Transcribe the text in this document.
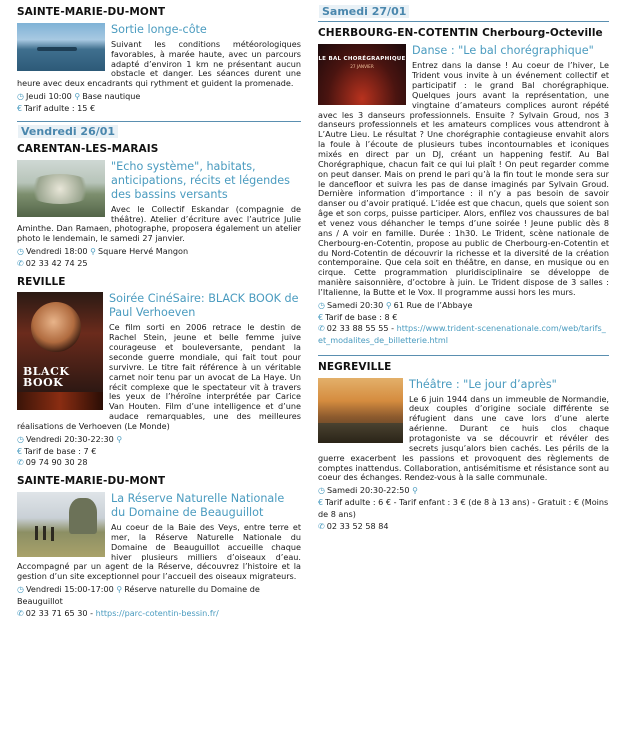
SAINTE-MARIE-DU-MONT
Sortie longe-côte
Suivant les conditions météorologiques favorables, à marée haute, avec un parcours adapté d’environ 1 km ne présentant aucun obstacle et danger. Les séances durent une heure avec deux encadrants qui rythment et guident la promenade.
◷ Jeudi 10:00 ⚲ Base nautique
€ Tarif adulte : 15 €
Vendredi 26/01
CARENTAN-LES-MARAIS
"Echo système", habitats, anticipations, récits et légendes des bassins versants
Avec le Collectif Eskandar (compagnie de théâtre). Atelier d’écriture avec l’autrice Julie Aminthe. Dan Ramaen, photographe, proposera également un atelier photo le lendemain, le samedi 27 janvier.
◷ Vendredi 18:00 ⚲ Square Hervé Mangon
✆ 02 33 42 74 25
REVILLE
BLACK BOOK
Soirée CinéSaire: BLACK BOOK de Paul Verhoeven
Ce film sorti en 2006 retrace le destin de Rachel Stein, jeune et belle femme juive courageuse et bouleversante, pendant la seconde guerre mondiale, qui fait tout pour survivre. Le titre fait référence à un véritable carnet noir tenu par un avocat de La Haye. Un récit complexe que le spectateur vit à travers les yeux de l’héroïne interprétée par Carice Van Houten. Film d’une intelligence et d’une audace remarquables, une des meilleures réalisations de Verhoeven (Le Monde)
◷ Vendredi 20:30-22:30 ⚲
€ Tarif de base : 7 €
✆ 09 74 90 30 28
SAINTE-MARIE-DU-MONT
La Réserve Naturelle Nationale du Domaine de Beauguillot
Au coeur de la Baie des Veys, entre terre et mer, la Réserve Naturelle Nationale du Domaine de Beauguillot accueille chaque hiver plusieurs milliers d’oiseaux d’eau. Accompagné par un agent de la Réserve, découvrez l’histoire et la gestion d’un site exceptionnel pour l’accueil des oiseaux migrateurs.
◷ Vendredi 15:00-17:00 ⚲ Réserve naturelle du Domaine de Beauguillot
✆ 02 33 71 65 30 - https://parc-cotentin-bessin.fr/
Samedi 27/01
CHERBOURG-EN-COTENTIN Cherbourg-Octeville
LE BAL CHORÉGRAPHIQUE
27 JANVIER
Danse : "Le bal chorégraphique"
Entrez dans la danse ! Au coeur de l’hiver, Le Trident vous invite à un événement collectif et participatif : le grand Bal chorégraphique. Quelques jours avant la représentation, une vingtaine d’amateurs complices auront répété avec les 3 danseurs professionnels. Ensuite ? Sylvain Groud, nos 3 danseurs professionnels et les amateurs complices vous attendront à L’Autre Lieu. Le résultat ? Une chorégraphie contagieuse envahit alors la foule à l’écoute de plusieurs tubes incontournables et iconiques mixés en direct par un DJ, créant un happening festif. Au Bal Chorégraphique, chacun fait ce qui lui plaît ! On peut regarder comme on peut danser. Mais on prend le pari qu’à la fin tout le monde sera sur le dancefloor et suivra les pas de danse imaginés par Sylvain Groud. Dernière information d’importance : il n’y a pas besoin de savoir danser ou d’avoir pratiqué. L’idée est que chacun, quels que soient son âge et son corps, puisse participer. Alors, enfilez vos chaussures de bal et venez vous déhancher le temps d’une soirée ! Jeune public dès 8 ans / A voir en famille. Durée : 1h30. Le Trident, scène nationale de Cherbourg-en-Cotentin, propose au public de Cherbourg-en-Cotentin et du Nord-Cotentin de découvrir la richesse et la diversité de la création contemporaine. Que cela soit en théâtre, en danse, en musique ou en cirque. Cette programmation pluridisciplinaire se développe de manière saisonnière, d’octobre à juin. Le Trident dispose de 3 salles : l’Italienne, la Butte et le Vox. Il programme aussi hors les murs.
◷ Samedi 20:30 ⚲ 61 Rue de l’Abbaye
€ Tarif de base : 8 €
✆ 02 33 88 55 55 - https://www.trident-scenenationale.com/web/tarifs_et_modalites_de_billetterie.html
NEGREVILLE
Théâtre : "Le jour d’après"
Le 6 juin 1944 dans un immeuble de Normandie, deux couples d’origine sociale différente se réfugient dans une cave lors d’une alerte aérienne. Durant ce huis clos chaque protagoniste va se découvrir et révéler des secrets jusqu’alors bien cachés. Les périls de la guerre exacerbent les passions et provoquent des règlements de comptes inattendus. Collaboration, antisémitisme et résistance sont au coeur des échanges. Rendez-vous à la salle communale.
◷ Samedi 20:30-22:50 ⚲
€ Tarif adulte : 6 € - Tarif enfant : 3 € (de 8 à 13 ans) - Gratuit : € (Moins de 8 ans)
✆ 02 33 52 58 84
